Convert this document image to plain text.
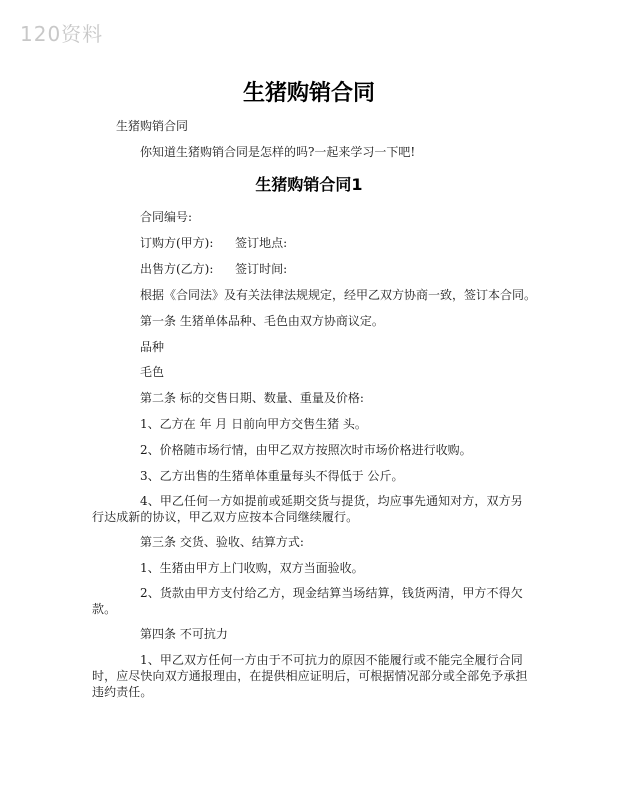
120资料
生猪购销合同
生猪购销合同
你知道生猪购销合同是怎样的吗?一起来学习一下吧!
生猪购销合同1
合同编号:
订购方(甲方): 签订地点:
出售方(乙方): 签订时间:
根据《合同法》及有关法律法规规定，经甲乙双方协商一致，签订本合同。
第一条 生猪单体品种、毛色由双方协商议定。
品种
毛色
第二条 标的交售日期、数量、重量及价格:
1、乙方在 年 月 日前向甲方交售生猪 头。
2、价格随市场行情，由甲乙双方按照次时市场价格进行收购。
3、乙方出售的生猪单体重量每头不得低于 公斤。
4、甲乙任何一方如提前或延期交货与提货，均应事先通知对方，双方另行达成新的协议，甲乙双方应按本合同继续履行。
第三条 交货、验收、结算方式:
1、生猪由甲方上门收购，双方当面验收。
2、货款由甲方支付给乙方，现金结算当场结算，钱货两清，甲方不得欠款。
第四条 不可抗力
1、甲乙双方任何一方由于不可抗力的原因不能履行或不能完全履行合同时，应尽快向双方通报理由，在提供相应证明后，可根据情况部分或全部免予承担违约责任。
